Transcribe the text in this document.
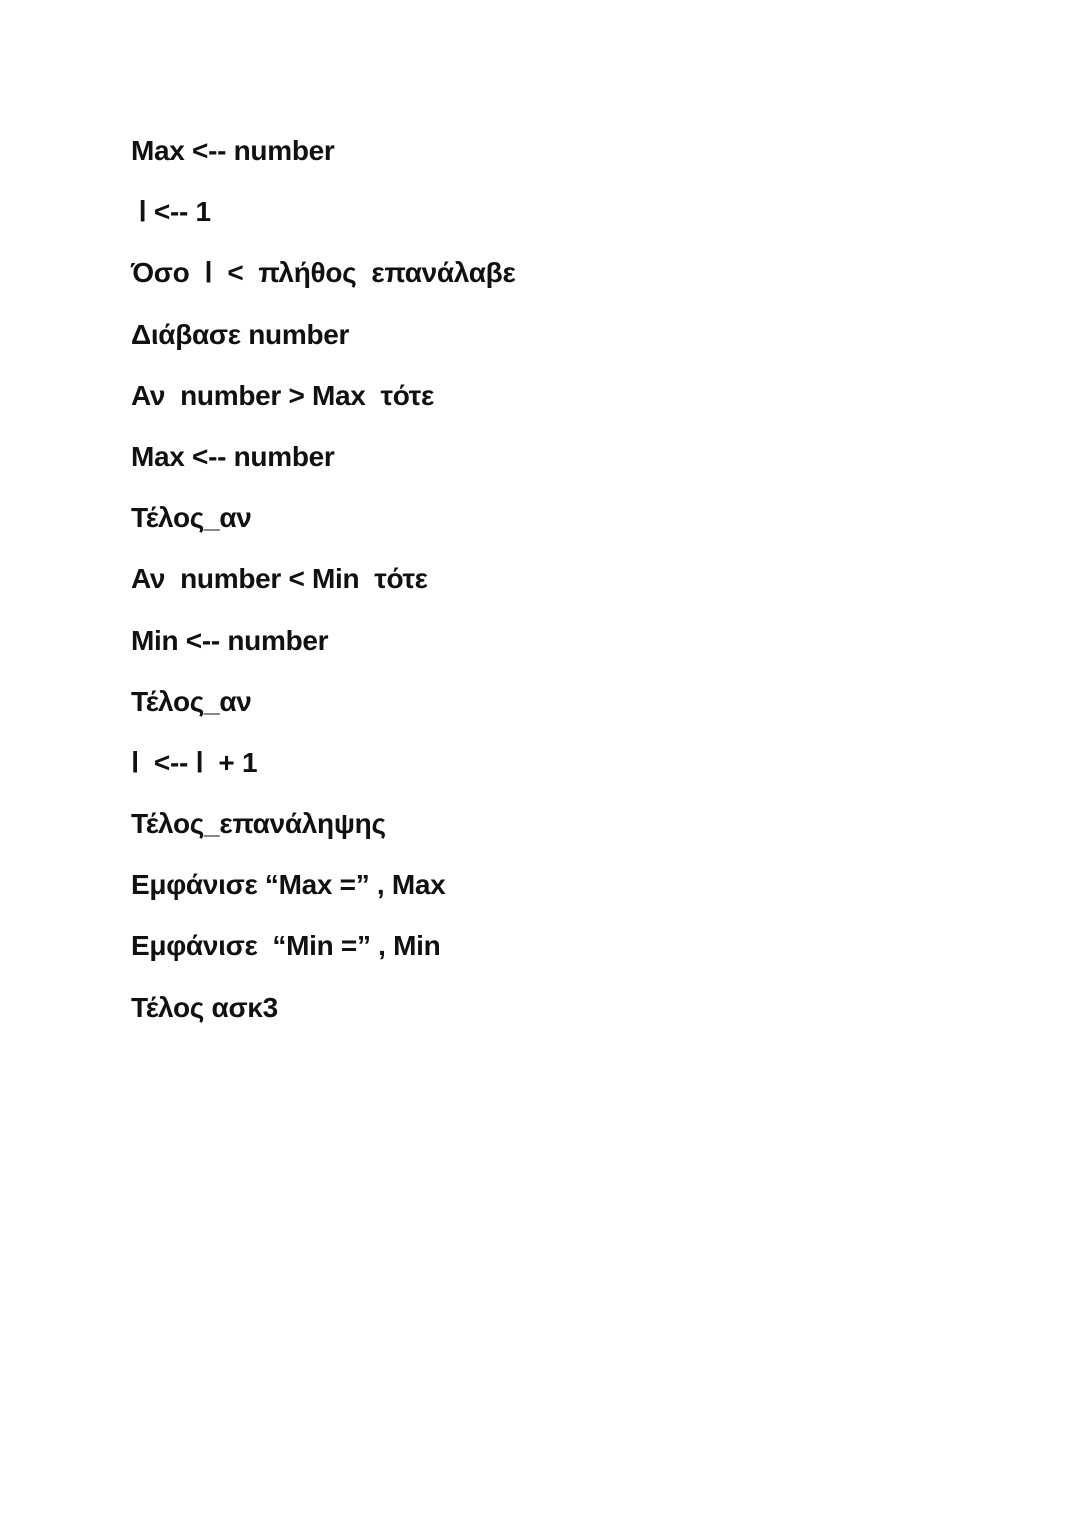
Max <-- number
Ⅰ <-- 1
Όσο  Ⅰ  <  πλήθος  επανάλαβε
Διάβασε number
Αν  number > Max  τότε
Max <-- number
Τέλος_αν
Αν  number < Min  τότε
Min <-- number
Τέλος_αν
Ⅰ  <-- Ⅰ  + 1
Τέλος_επανάληψης
Εμφάνισε “Max =” , Max
Εμφάνισε  “Min =” , Min
Τέλος ασκ3
